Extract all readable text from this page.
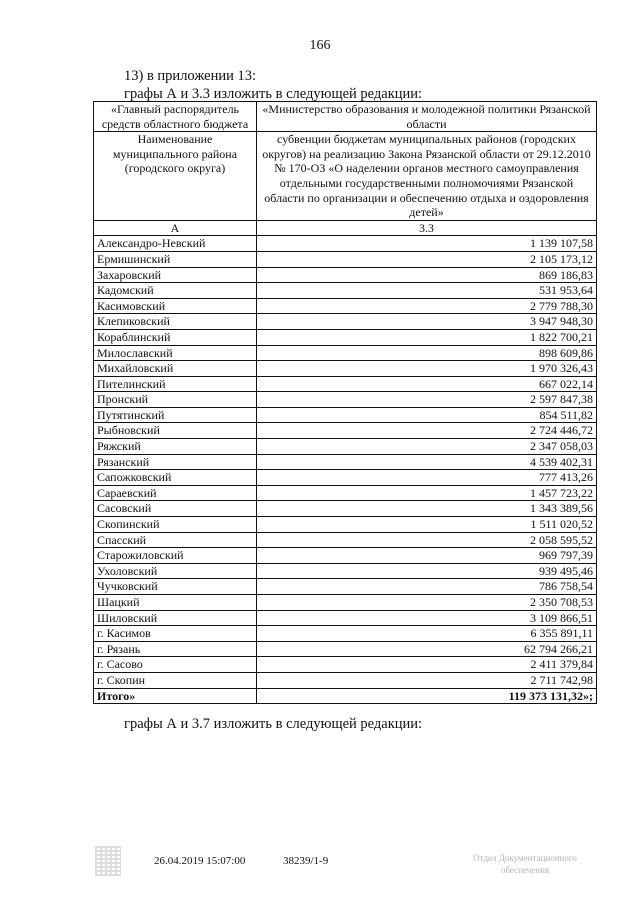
166
13) в приложении 13:
графы А и 3.3 изложить в следующей редакции:
«Главный распорядитель средств областного бюджета	«Министерство образования и молодежной политики Рязанской области
Наименование муниципального района (городского округа)	субвенции бюджетам муниципальных районов (городских округов) на реализацию Закона Рязанской области от 29.12.2010 № 170-ОЗ «О наделении органов местного самоуправления отдельными государственными полномочиями Рязанской области по организации и обеспечению отдыха и оздоровления детей»
А	3.3
Александро-Невский	1 139 107,58
Ермишинский	2 105 173,12
Захаровский	869 186,83
Кадомский	531 953,64
Касимовский	2 779 788,30
Клепиковский	3 947 948,30
Кораблинский	1 822 700,21
Милославский	898 609,86
Михайловский	1 970 326,43
Пителинский	667 022,14
Пронский	2 597 847,38
Путятинский	854 511,82
Рыбновский	2 724 446,72
Ряжский	2 347 058,03
Рязанский	4 539 402,31
Сапожковский	777 413,26
Сараевский	1 457 723,22
Сасовский	1 343 389,56
Скопинский	1 511 020,52
Спасский	2 058 595,52
Старожиловский	969 797,39
Ухоловский	939 495,46
Чучковский	786 758,54
Шацкий	2 350 708,53
Шиловский	3 109 866,51
г. Касимов	6 355 891,11
г. Рязань	62 794 266,21
г. Сасово	2 411 379,84
г. Скопин	2 711 742,98
Итого»	119 373 131,32»;
графы А и 3.7 изложить в следующей редакции:
26.04.2019 15:07:00	38239/1-9	Отдел Документационного
обеспечения
